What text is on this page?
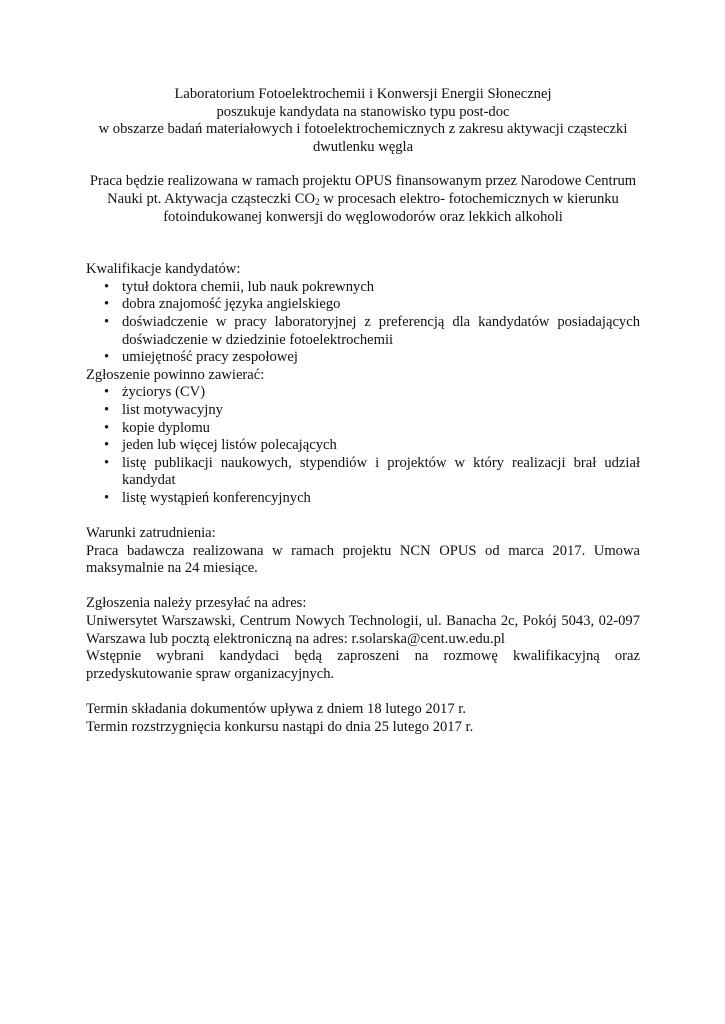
Laboratorium Fotoelektrochemii i Konwersji Energii Słonecznej

poszukuje kandydata na stanowisko typu post-doc

w obszarze badań materiałowych i fotoelektrochemicznych z zakresu aktywacji cząsteczki

dwutlenku węgla

Praca będzie realizowana w ramach projektu OPUS finansowanym przez Narodowe Centrum

Nauki pt. Aktywacja cząsteczki $CO_2$ w procesach elektro- fotochemicznych w kierunku

fotoindukowanej konwersji do węglowodorów oraz lekkich alkoholi

Kwalifikacje kandydatów:

• tytuł doktora chemii, lub nauk pokrewnych
• dobra znajomość języka angielskiego
• doświadczenie w pracy laboratoryjnej z preferencją dla kandydatów posiadających
doświadczenie w dziedzinie fotoelektrochemii
• umiejętność pracy zespołowej

Zgłoszenie powinno zawierać:

• życiorys (CV)
• list motywacyjny
• kopie dyplomu
• jeden lub więcej listów polecających
• listę publikacji naukowych, stypendiów i projektów w który realizacji brał udział
kandydat
• listę wystąpień konferencyjnych

Warunki zatrudnienia:

Praca badawcza realizowana w ramach projektu NCN OPUS od marca 2017. Umowa

maksymalnie na 24 miesiące.

Zgłoszenia należy przesyłać na adres:

Uniwersytet Warszawski, Centrum Nowych Technologii, ul. Banacha 2c, Pokój 5043, 02-097

Warszawa lub pocztą elektroniczną na adres: r.solarska@cent.uw.edu.pl

Wstępnie wybrani kandydaci będą zaproszeni na rozmowę kwalifikacyjną oraz

przedyskutowanie spraw organizacyjnych.

Termin składania dokumentów upływa z dniem 18 lutego 2017 r.

Termin rozstrzygnięcia konkursu nastąpi do dnia 25 lutego 2017 r.
